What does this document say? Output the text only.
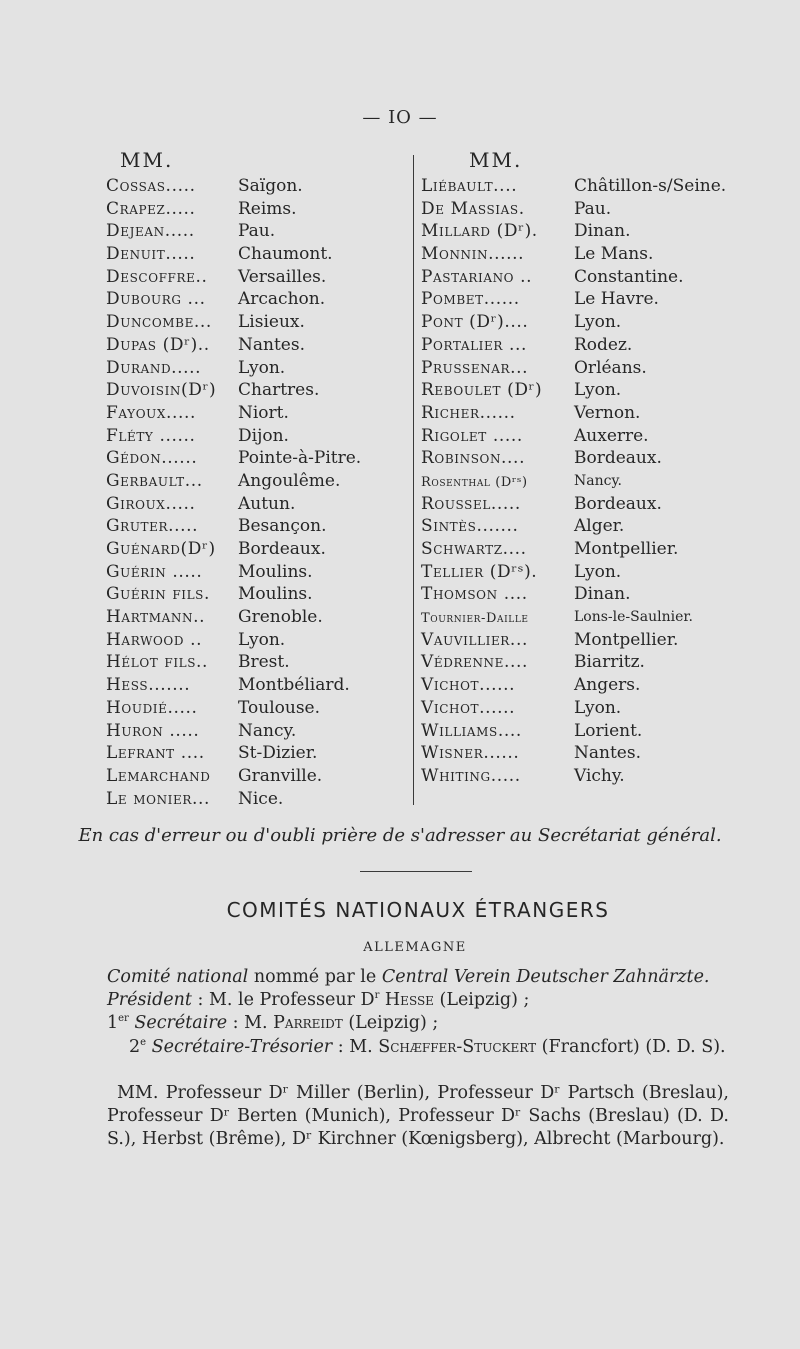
— IO —
MM.	MM.
Cossas..... Saïgon.
Crapez.....	Reims.
Dejean.....	Pau.
Denuit.....	Chaumont.
Descoffre.. Versailles.
Dubourg ... Arcachon.
Duncombe... Lisieux.
Dupas (Dʳ).. Nantes.
Durand..... Lyon.
Duvoisin(Dʳ) Chartres.
Fayoux..... Niort.
Fléty ......	Dijon.
Gédon...... Pointe-à-Pitre.
Gerbault... Angoulême.
Giroux.....	Autun.
Gruter..... Besançon.
Guénard(Dʳ) Bordeaux.
Guérin ..... Moulins.
Guérin fils. Moulins.
Hartmann.. Grenoble.
Harwood .. Lyon.
Hélot fils.. Brest.
Hess.......	Montbéliard.
Houdié..... Toulouse.
Huron ..... Nancy.
Lefrant .... St-Dizier.
Lemarchand Granville.
Le monier... Nice.
Liébault....	Châtillon-s/Seine.
De Massias.	Pau.
Millard (Dʳ). Dinan.
Monnin......	Le Mans.
Pastariano .. Constantine.
Pombet......	Le Havre.
Pont (Dʳ)....	Lyon.
Portalier ...	Rodez.
Prussenar...	Orléans.
Reboulet (Dʳ) Lyon.
Richer......	Vernon.
Rigolet .....	Auxerre.
Robinson....	Bordeaux.
Rosenthal (Dʳˢ)	Nancy.
Roussel.....	Bordeaux.
Sintès.......	Alger.
Schwartz....	Montpellier.
Tellier (Dʳˢ). Lyon.
Thomson ....	Dinan.
Tournier-Daille	Lons-le-Saulnier.
Vauvillier...	Montpellier.
Védrenne....	Biarritz.
Vichot......	Angers.
Vichot......	Lyon.
Williams....	Lorient.
Wisner......	Nantes.
Whiting.....	Vichy.
En cas d'erreur ou d'oubli prière de s'adresser au Secrétariat général.
COMITÉS NATIONAUX ÉTRANGERS
ALLEMAGNE
Comité national nommé par le Central Verein Deutscher Zahnärzte.
Président : M. le Professeur $D^r$ Hesse (Leipzig) ;
1er Secrétaire : M. Parreidt (Leipzig) ;
2e Secrétaire-Trésorier : M. Schæffer-Stuckert (Francfort) (D. D. S).
MM. Professeur Dʳ Miller (Berlin), Professeur Dʳ Partsch (Breslau), Professeur Dʳ Berten (Munich), Professeur Dʳ Sachs (Breslau) (D. D. S.), Herbst (Brême), Dʳ Kirchner (Kœnigsberg), Albrecht (Marbourg).
